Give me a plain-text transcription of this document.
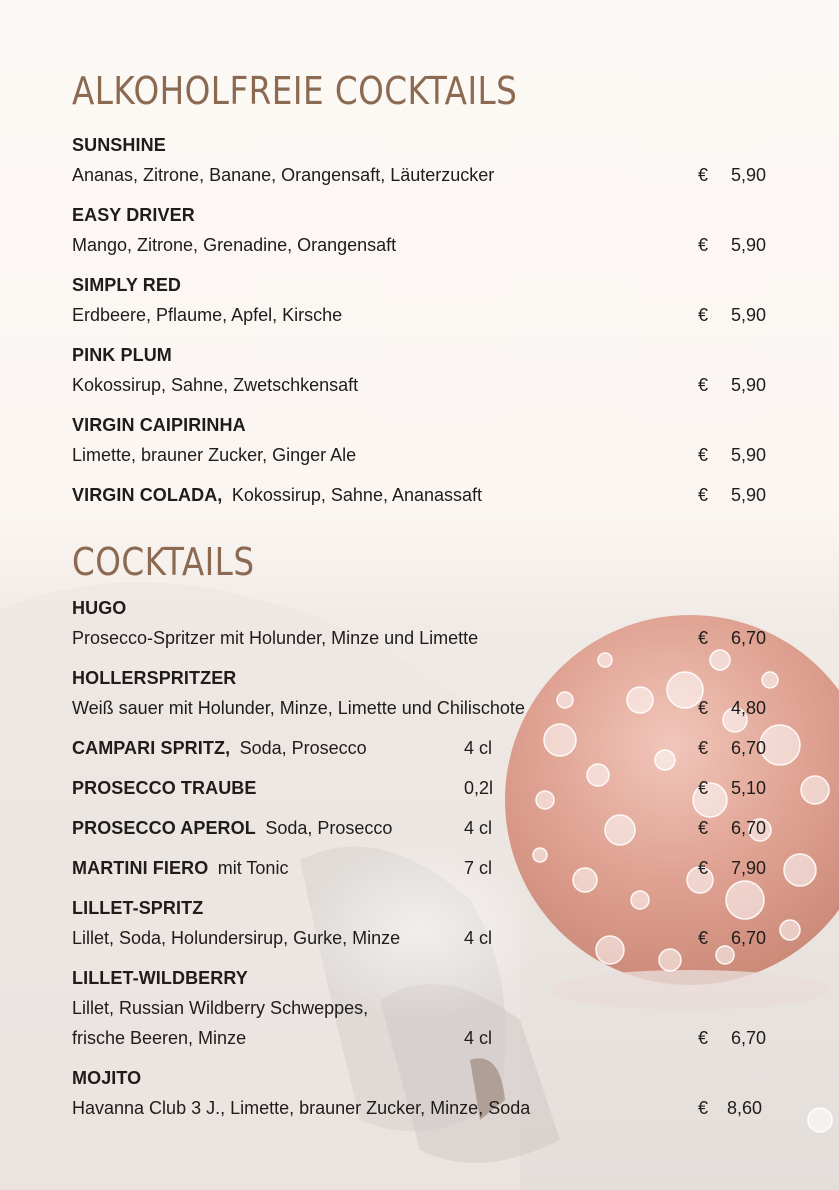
ALKOHOLFREIE COCKTAILS
SUNSHINE
Ananas, Zitrone, Banane, Orangensaft, Läuterzucker	€	5,90
EASY DRIVER
Mango, Zitrone, Grenadine, Orangensaft	€	5,90
SIMPLY RED
Erdbeere, Pflaume, Apfel, Kirsche	€	5,90
PINK PLUM
Kokossirup, Sahne, Zwetschkensaft	€	5,90
VIRGIN CAIPIRINHA
Limette, brauner Zucker, Ginger Ale	€	5,90
VIRGIN COLADA, Kokossirup, Sahne, Ananassaft	€	5,90
COCKTAILS
HUGO
Prosecco-Spritzer mit Holunder, Minze und Limette	€	6,70
HOLLERSPRITZER
Weiß sauer mit Holunder, Minze, Limette und Chilischote	€	4,80
CAMPARI SPRITZ, Soda, Prosecco	4 cl	€	6,70
PROSECCO TRAUBE	0,2l	€	5,10
PROSECCO APEROL Soda, Prosecco	4 cl	€	6,70
MARTINI FIERO mit Tonic	7 cl	€	7,90
LILLET-SPRITZ
Lillet, Soda, Holundersirup, Gurke, Minze	4 cl	€	6,70
LILLET-WILDBERRY
Lillet, Russian Wildberry Schweppes,
frische Beeren, Minze	4 cl	€	6,70
MOJITO
Havanna Club 3 J., Limette, brauner Zucker, Minze, Soda	€	8,60
